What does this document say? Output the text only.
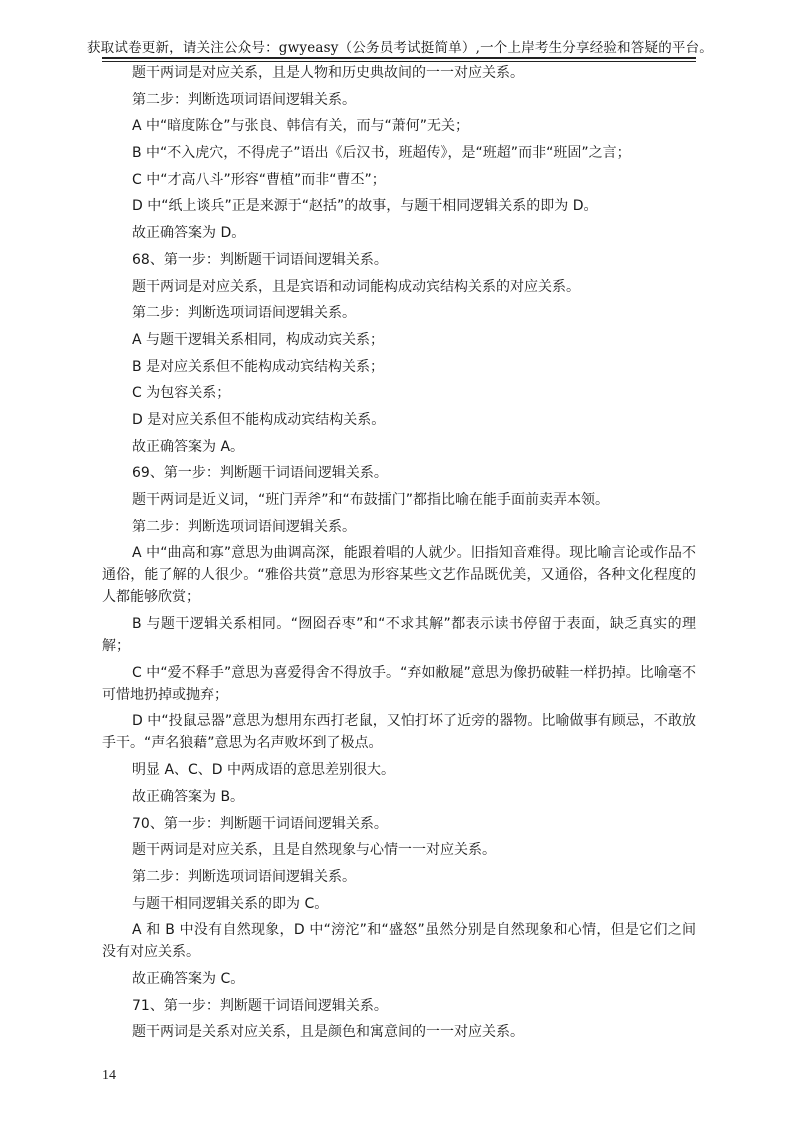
获取试卷更新，请关注公众号：gwyeasy（公务员考试挺简单）,一个上岸考生分享经验和答疑的平台。

题干两词是对应关系，且是人物和历史典故间的一一对应关系。

第二步：判断选项词语间逻辑关系。

A 中“暗度陈仓”与张良、韩信有关，而与“萧何”无关；

B 中“不入虎穴，不得虎子”语出《后汉书，班超传》，是“班超”而非“班固”之言；

C 中“才高八斗”形容“曹植”而非“曹丕”；

D 中“纸上谈兵”正是来源于“赵括”的故事，与题干相同逻辑关系的即为 D。

故正确答案为 D。

68、第一步：判断题干词语间逻辑关系。

题干两词是对应关系，且是宾语和动词能构成动宾结构关系的对应关系。

第二步：判断选项词语间逻辑关系。

A 与题干逻辑关系相同，构成动宾关系；

B 是对应关系但不能构成动宾结构关系；

C 为包容关系；

D 是对应关系但不能构成动宾结构关系。

故正确答案为 A。

69、第一步：判断题干词语间逻辑关系。

题干两词是近义词，“班门弄斧”和“布鼓擂门”都指比喻在能手面前卖弄本领。

第二步：判断选项词语间逻辑关系。

A 中“曲高和寡”意思为曲调高深，能跟着唱的人就少。旧指知音难得。现比喻言论或作品不通俗，能了解的人很少。“雅俗共赏”意思为形容某些文艺作品既优美，又通俗，各种文化程度的人都能够欣赏；

B 与题干逻辑关系相同。“囫囵吞枣”和“不求其解”都表示读书停留于表面，缺乏真实的理解；

C 中“爱不释手”意思为喜爱得舍不得放手。“弃如敝屣”意思为像扔破鞋一样扔掉。比喻毫不可惜地扔掉或抛弃；

D 中“投鼠忌器”意思为想用东西打老鼠，又怕打坏了近旁的器物。比喻做事有顾忌，不敢放手干。“声名狼藉”意思为名声败坏到了极点。

明显 A、C、D 中两成语的意思差别很大。

故正确答案为 B。

70、第一步：判断题干词语间逻辑关系。

题干两词是对应关系，且是自然现象与心情一一对应关系。

第二步：判断选项词语间逻辑关系。

与题干相同逻辑关系的即为 C。

A 和 B 中没有自然现象，D 中“滂沱”和“盛怒”虽然分别是自然现象和心情，但是它们之间没有对应关系。

故正确答案为 C。

71、第一步：判断题干词语间逻辑关系。

题干两词是关系对应关系，且是颜色和寓意间的一一对应关系。

14
